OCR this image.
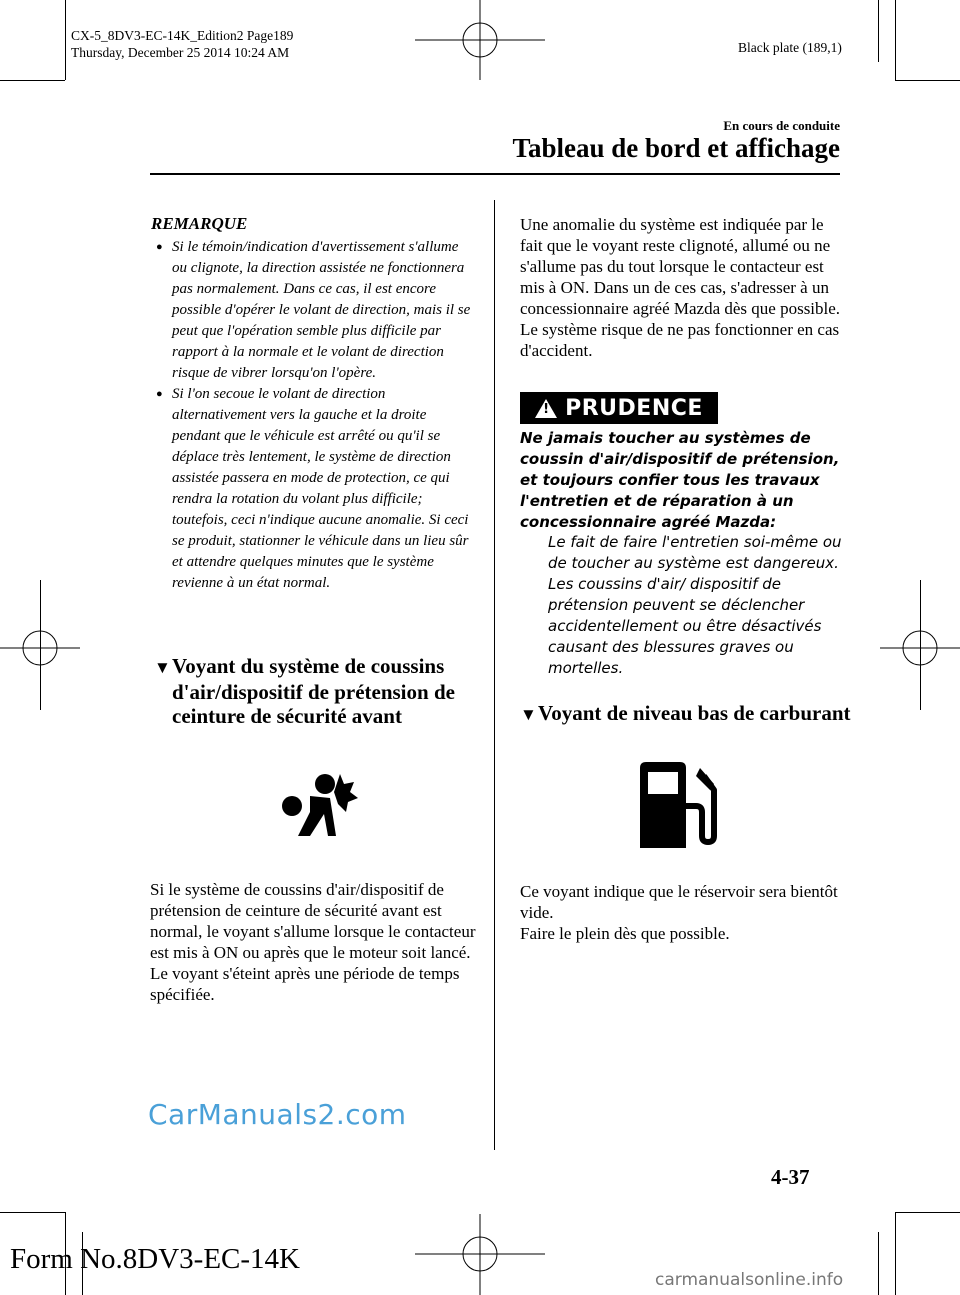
CX-5_8DV3-EC-14K_Edition2 Page189
Thursday, December 25 2014 10:24 AM	Black plate (189,1)
En cours de conduite
Tableau de bord et affichage
REMARQUE
● Si le témoin/indication d'avertissement s'allume ou clignote, la direction assistée ne fonctionnera pas normalement. Dans ce cas, il est encore possible d'opérer le volant de direction, mais il se peut que l'opération semble plus difficile par rapport à la normale et le volant de direction risque de vibrer lorsqu'on l'opère.
● Si l'on secoue le volant de direction alternativement vers la gauche et la droite pendant que le véhicule est arrêté ou qu'il se déplace très lentement, le système de direction assistée passera en mode de protection, ce qui rendra la rotation du volant plus difficile; toutefois, ceci n'indique aucune anomalie. Si ceci se produit, stationner le véhicule dans un lieu sûr et attendre quelques minutes que le système revienne à un état normal.
▼Voyant du système de coussins
d'air/dispositif de prétension de
ceinture de sécurité avant
Si le système de coussins d'air/dispositif de prétension de ceinture de sécurité avant est normal, le voyant s'allume lorsque le contacteur est mis à ON ou après que le moteur soit lancé. Le voyant s'éteint après une période de temps spécifiée.
Une anomalie du système est indiquée par le fait que le voyant reste clignoté, allumé ou ne s'allume pas du tout lorsque le contacteur est mis à ON. Dans un de ces cas, s'adresser à un concessionnaire agréé Mazda dès que possible. Le système risque de ne pas fonctionner en cas d'accident.
! PRUDENCE
Ne jamais toucher au systèmes de coussin d'air/dispositif de prétension, et toujours confier tous les travaux l'entretien et de réparation à un concessionnaire agréé Mazda:
Le fait de faire l'entretien soi-même ou de toucher au système est dangereux. Les coussins d'air/ dispositif de prétension peuvent se déclencher accidentellement ou être désactivés causant des blessures graves ou mortelles.
▼Voyant de niveau bas de carburant
Ce voyant indique que le réservoir sera bientôt vide.
Faire le plein dès que possible.
CarManuals2.com
4-37
Form No.8DV3-EC-14K
carmanualsonline.info
